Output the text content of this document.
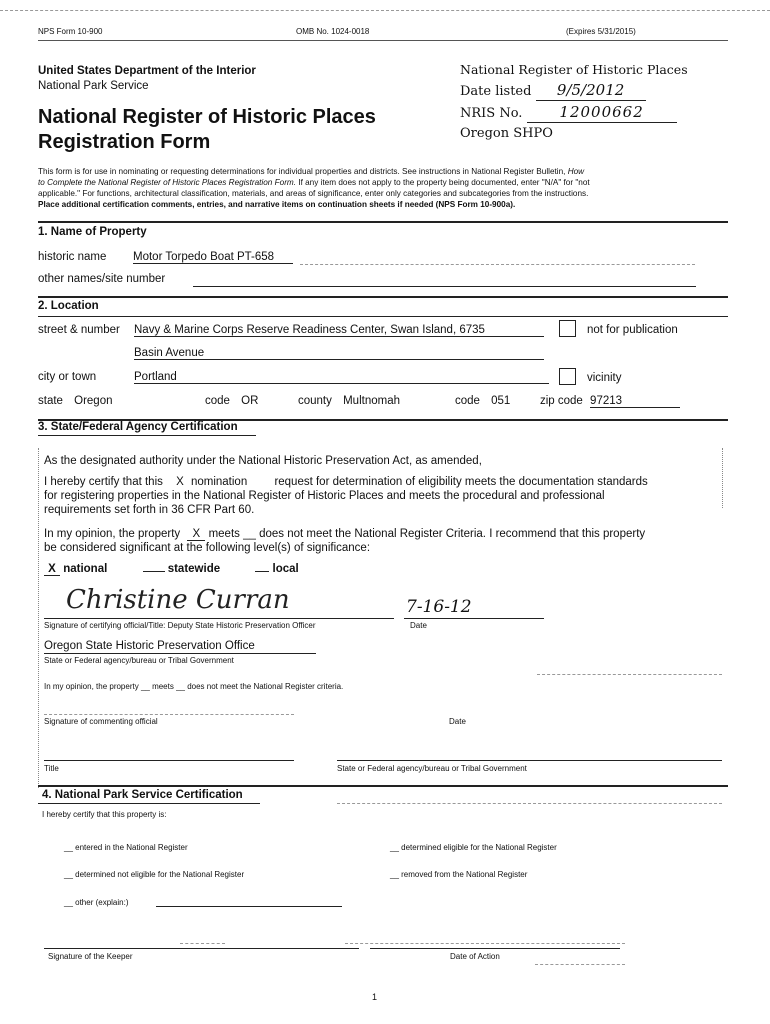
NPS Form 10-900	OMB No. 1024-0018	(Expires 5/31/2015)
United States Department of the Interior
National Park Service
National Register of Historic Places
Registration Form
National Register of Historic Places
Date listed 9/5/2012
NRIS No. 12000662
Oregon SHPO
This form is for use in nominating or requesting determinations for individual properties and districts. See instructions in National Register Bulletin, How
to Complete the National Register of Historic Places Registration Form. If any item does not apply to the property being documented, enter "N/A" for "not
applicable." For functions, architectural classification, materials, and areas of significance, enter only categories and subcategories from the instructions.
Place additional certification comments, entries, and narrative items on continuation sheets if needed (NPS Form 10-900a).
1. Name of Property
historic name Motor Torpedo Boat PT-658
other names/site number
2. Location
street & number Navy & Marine Corps Reserve Readiness Center, Swan Island, 6735	not for publication
Basin Avenue
city or town	Portland	vicinity
state Oregon	code OR	county Multnomah	code 051	zip code 97213
3. State/Federal Agency Certification
As the designated authority under the National Historic Preservation Act, as amended,
I hereby certify that this X nomination request for determination of eligibility meets the documentation standards
for registering properties in the National Register of Historic Places and meets the procedural and professional
requirements set forth in 36 CFR Part 60.
In my opinion, the property X meets __ does not meet the National Register Criteria. I recommend that this property
be considered significant at the following level(s) of significance:
X national	statewide	local
Christine Curran	7-16-12
Signature of certifying official/Title: Deputy State Historic Preservation Officer	Date
Oregon State Historic Preservation Office
State or Federal agency/bureau or Tribal Government
In my opinion, the property __ meets __ does not meet the National Register criteria.
Signature of commenting official	Date
Title	State or Federal agency/bureau or Tribal Government
4. National Park Service Certification
I hereby certify that this property is:
__ entered in the National Register	__ determined eligible for the National Register
__ determined not eligible for the National Register	__ removed from the National Register
__ other (explain:)
Signature of the Keeper	Date of Action
1
